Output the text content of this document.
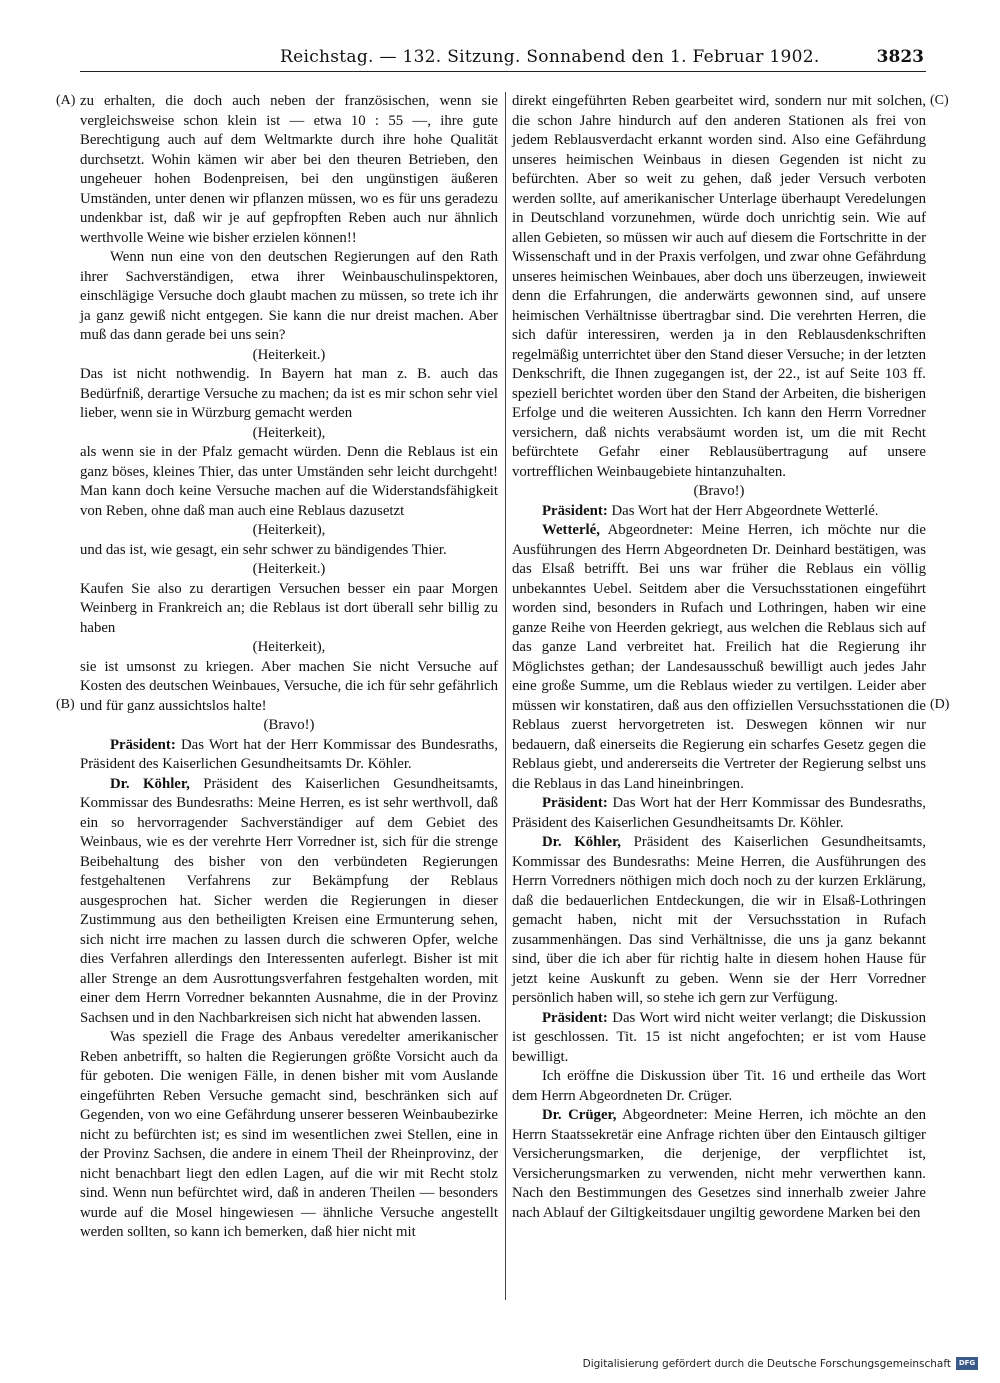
Reichstag. — 132. Sitzung. Sonnabend den 1. Februar 1902.	3823
(A)
(B)
(C)
(D)

zu erhalten, die doch auch neben der französischen, wenn sie vergleichsweise schon klein ist — etwa 10 : 55 —, ihre gute Berechtigung auch auf dem Weltmarkte durch ihre hohe Qualität durchsetzt. Wohin kämen wir aber bei den theuren Betrieben, den ungeheuer hohen Bodenpreisen, bei den ungünstigen äußeren Umständen, unter denen wir pflanzen müssen, wo es für uns geradezu undenkbar ist, daß wir je auf gepfropften Reben auch nur ähnlich werthvolle Weine wie bisher erzielen können!!

Wenn nun eine von den deutschen Regierungen auf den Rath ihrer Sachverständigen, etwa ihrer Weinbauschulinspektoren, einschlägige Versuche doch glaubt machen zu müssen, so trete ich ihr ja ganz gewiß nicht entgegen. Sie kann die nur dreist machen. Aber muß das dann gerade bei uns sein?

(Heiterkeit.)

Das ist nicht nothwendig. In Bayern hat man z. B. auch das Bedürfniß, derartige Versuche zu machen; da ist es mir schon sehr viel lieber, wenn sie in Würzburg gemacht werden

(Heiterkeit),

als wenn sie in der Pfalz gemacht würden. Denn die Reblaus ist ein ganz böses, kleines Thier, das unter Umständen sehr leicht durchgeht! Man kann doch keine Versuche machen auf die Widerstandsfähigkeit von Reben, ohne daß man auch eine Reblaus dazusetzt

(Heiterkeit),

und das ist, wie gesagt, ein sehr schwer zu bändigendes Thier.

(Heiterkeit.)

Kaufen Sie also zu derartigen Versuchen besser ein paar Morgen Weinberg in Frankreich an; die Reblaus ist dort überall sehr billig zu haben

(Heiterkeit),

sie ist umsonst zu kriegen. Aber machen Sie nicht Versuche auf Kosten des deutschen Weinbaues, Versuche, die ich für sehr gefährlich und für ganz aussichtslos halte!

(Bravo!)

Präsident: Das Wort hat der Herr Kommissar des Bundesraths, Präsident des Kaiserlichen Gesundheitsamts Dr. Köhler.

Dr. Köhler, Präsident des Kaiserlichen Gesundheitsamts, Kommissar des Bundesraths: Meine Herren, es ist sehr werthvoll, daß ein so hervorragender Sachverständiger auf dem Gebiet des Weinbaus, wie es der verehrte Herr Vorredner ist, sich für die strenge Beibehaltung des bisher von den verbündeten Regierungen festgehaltenen Verfahrens zur Bekämpfung der Reblaus ausgesprochen hat. Sicher werden die Regierungen in dieser Zustimmung aus den betheiligten Kreisen eine Ermunterung sehen, sich nicht irre machen zu lassen durch die schweren Opfer, welche dies Verfahren allerdings den Interessenten auferlegt. Bisher ist mit aller Strenge an dem Ausrottungsverfahren festgehalten worden, mit einer dem Herrn Vorredner bekannten Ausnahme, die in der Provinz Sachsen und in den Nachbarkreisen sich nicht hat abwenden lassen.

Was speziell die Frage des Anbaus veredelter amerikanischer Reben anbetrifft, so halten die Regierungen größte Vorsicht auch da für geboten. Die wenigen Fälle, in denen bisher mit vom Auslande eingeführten Reben Versuche gemacht sind, beschränken sich auf Gegenden, von wo eine Gefährdung unserer besseren Weinbaubezirke nicht zu befürchten ist; es sind im wesentlichen zwei Stellen, eine in der Provinz Sachsen, die andere in einem Theil der Rheinprovinz, der nicht benachbart liegt den edlen Lagen, auf die wir mit Recht stolz sind. Wenn nun befürchtet wird, daß in anderen Theilen — besonders wurde auf die Mosel hingewiesen — ähnliche Versuche angestellt werden sollten, so kann ich bemerken, daß hier nicht mit

direkt eingeführten Reben gearbeitet wird, sondern nur mit solchen, die schon Jahre hindurch auf den anderen Stationen als frei von jedem Reblausverdacht erkannt worden sind. Also eine Gefährdung unseres heimischen Weinbaus in diesen Gegenden ist nicht zu befürchten. Aber so weit zu gehen, daß jeder Versuch verboten werden sollte, auf amerikanischer Unterlage überhaupt Veredelungen in Deutschland vorzunehmen, würde doch unrichtig sein. Wie auf allen Gebieten, so müssen wir auch auf diesem die Fortschritte in der Wissenschaft und in der Praxis verfolgen, und zwar ohne Gefährdung unseres heimischen Weinbaues, aber doch uns überzeugen, inwieweit denn die Erfahrungen, die anderwärts gewonnen sind, auf unsere heimischen Verhältnisse übertragbar sind. Die verehrten Herren, die sich dafür interessiren, werden ja in den Reblausdenkschriften regelmäßig unterrichtet über den Stand dieser Versuche; in der letzten Denkschrift, die Ihnen zugegangen ist, der 22., ist auf Seite 103 ff. speziell berichtet worden über den Stand der Arbeiten, die bisherigen Erfolge und die weiteren Aussichten. Ich kann den Herrn Vorredner versichern, daß nichts verabsäumt worden ist, um die mit Recht befürchtete Gefahr einer Reblausübertragung auf unsere vortrefflichen Weinbaugebiete hintanzuhalten.

(Bravo!)

Präsident: Das Wort hat der Herr Abgeordnete Wetterlé.

Wetterlé, Abgeordneter: Meine Herren, ich möchte nur die Ausführungen des Herrn Abgeordneten Dr. Deinhard bestätigen, was das Elsaß betrifft. Bei uns war früher die Reblaus ein völlig unbekanntes Uebel. Seitdem aber die Versuchsstationen eingeführt worden sind, besonders in Rufach und Lothringen, haben wir eine ganze Reihe von Heerden gekriegt, aus welchen die Reblaus sich auf das ganze Land verbreitet hat. Freilich hat die Regierung ihr Möglichstes gethan; der Landesausschuß bewilligt auch jedes Jahr eine große Summe, um die Reblaus wieder zu vertilgen. Leider aber müssen wir konstatiren, daß aus den offiziellen Versuchsstationen die Reblaus zuerst hervorgetreten ist. Deswegen können wir nur bedauern, daß einerseits die Regierung ein scharfes Gesetz gegen die Reblaus giebt, und andererseits die Vertreter der Regierung selbst uns die Reblaus in das Land hineinbringen.

Präsident: Das Wort hat der Herr Kommissar des Bundesraths, Präsident des Kaiserlichen Gesundheitsamts Dr. Köhler.

Dr. Köhler, Präsident des Kaiserlichen Gesundheitsamts, Kommissar des Bundesraths: Meine Herren, die Ausführungen des Herrn Vorredners nöthigen mich doch noch zu der kurzen Erklärung, daß die bedauerlichen Entdeckungen, die wir in Elsaß-Lothringen gemacht haben, nicht mit der Versuchsstation in Rufach zusammenhängen. Das sind Verhältnisse, die uns ja ganz bekannt sind, über die ich aber für richtig halte in diesem hohen Hause für jetzt keine Auskunft zu geben. Wenn sie der Herr Vorredner persönlich haben will, so stehe ich gern zur Verfügung.

Präsident: Das Wort wird nicht weiter verlangt; die Diskussion ist geschlossen. Tit. 15 ist nicht angefochten; er ist vom Hause bewilligt.

Ich eröffne die Diskussion über Tit. 16 und ertheile das Wort dem Herrn Abgeordneten Dr. Crüger.

Dr. Crüger, Abgeordneter: Meine Herren, ich möchte an den Herrn Staatssekretär eine Anfrage richten über den Eintausch giltiger Versicherungsmarken, die derjenige, der verpflichtet ist, Versicherungsmarken zu verwenden, nicht mehr verwerthen kann. Nach den Bestimmungen des Gesetzes sind innerhalb zweier Jahre nach Ablauf der Giltigkeitsdauer ungiltig gewordene Marken bei den

Digitalisierung gefördert durch die Deutsche Forschungsgemeinschaft	DFG
